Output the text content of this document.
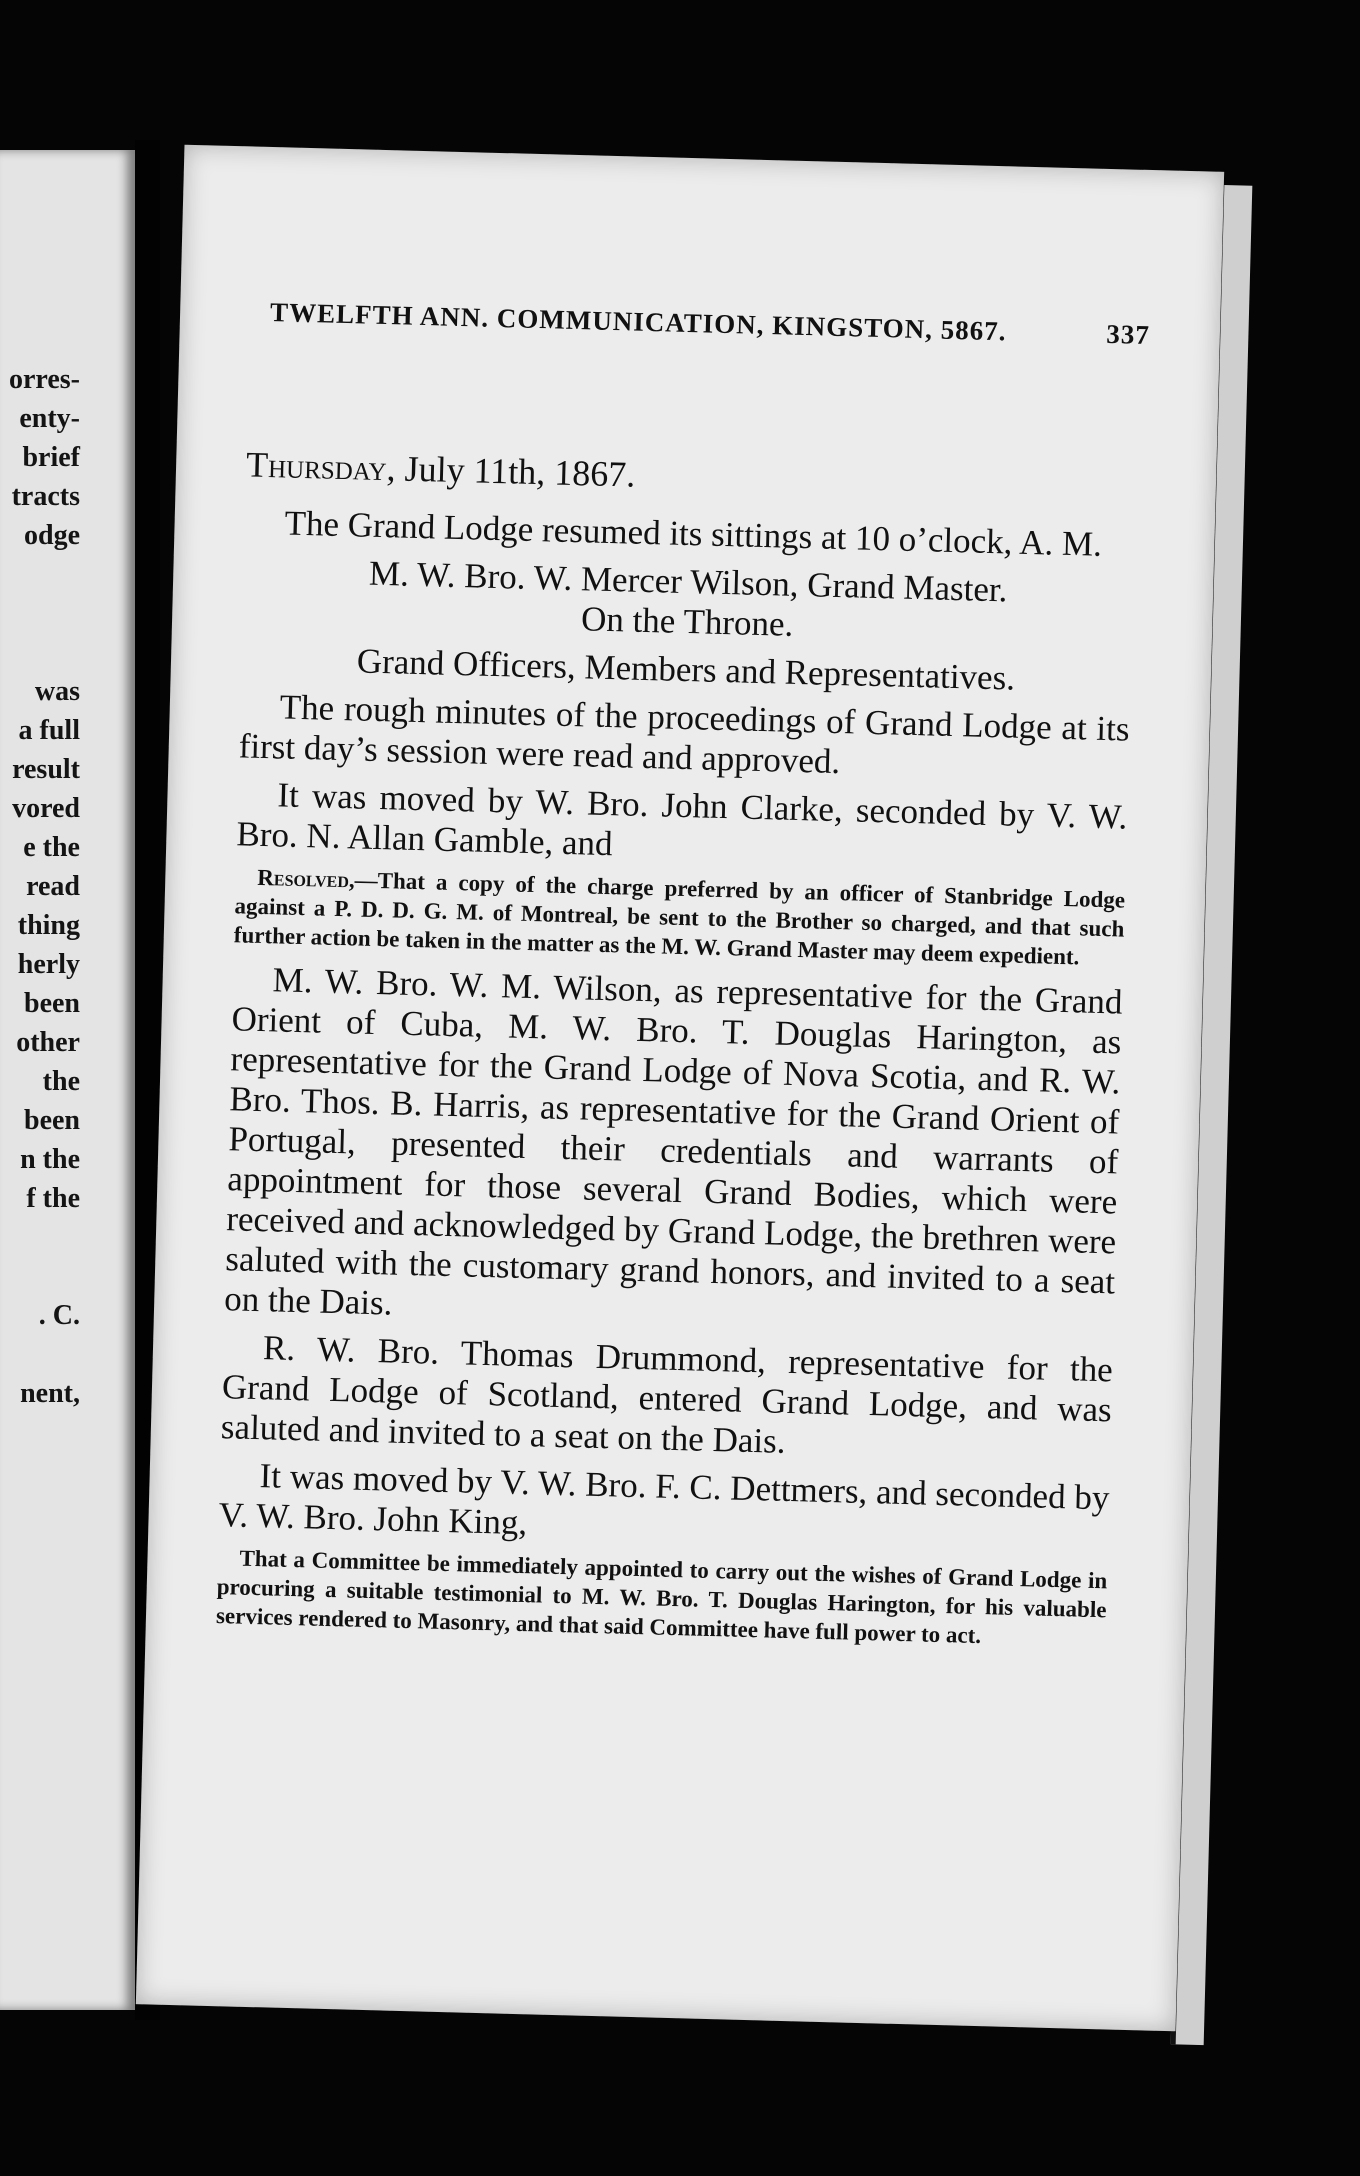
orres-
enty-
brief
tracts
odge
was
a full
result
vored
e the
read
thing
herly
been
other
the
been
n the
f the
. C.
nent,
TWELFTH ANN. COMMUNICATION, KINGSTON, 5867.	337

Thursday, July 11th, 1867.

The Grand Lodge resumed its sittings at 10 o’clock, A. M.

M. W. Bro. W. Mercer Wilson, Grand Master.

On the Throne.

Grand Officers, Members and Representatives.

The rough minutes of the proceedings of Grand Lodge at its first day’s session were read and approved.

It was moved by W. Bro. John Clarke, seconded by V. W. Bro. N. Allan Gamble, and

Resolved,—That a copy of the charge preferred by an officer of Stanbridge Lodge against a P. D. D. G. M. of Montreal, be sent to the Brother so charged, and that such further action be taken in the matter as the M. W. Grand Master may deem expedient.

M. W. Bro. W. M. Wilson, as representative for the Grand Orient of Cuba, M. W. Bro. T. Douglas Harington, as representative for the Grand Lodge of Nova Scotia, and R. W. Bro. Thos. B. Harris, as representative for the Grand Orient of Portugal, presented their credentials and warrants of appointment for those several Grand Bodies, which were received and acknowledged by Grand Lodge, the brethren were saluted with the customary grand honors, and invited to a seat on the Dais.

R. W. Bro. Thomas Drummond, representative for the Grand Lodge of Scotland, entered Grand Lodge, and was saluted and invited to a seat on the Dais.

It was moved by V. W. Bro. F. C. Dettmers, and seconded by V. W. Bro. John King,

That a Committee be immediately appointed to carry out the wishes of Grand Lodge in procuring a suitable testimonial to M. W. Bro. T. Douglas Harington, for his valuable services rendered to Masonry, and that said Committee have full power to act.
